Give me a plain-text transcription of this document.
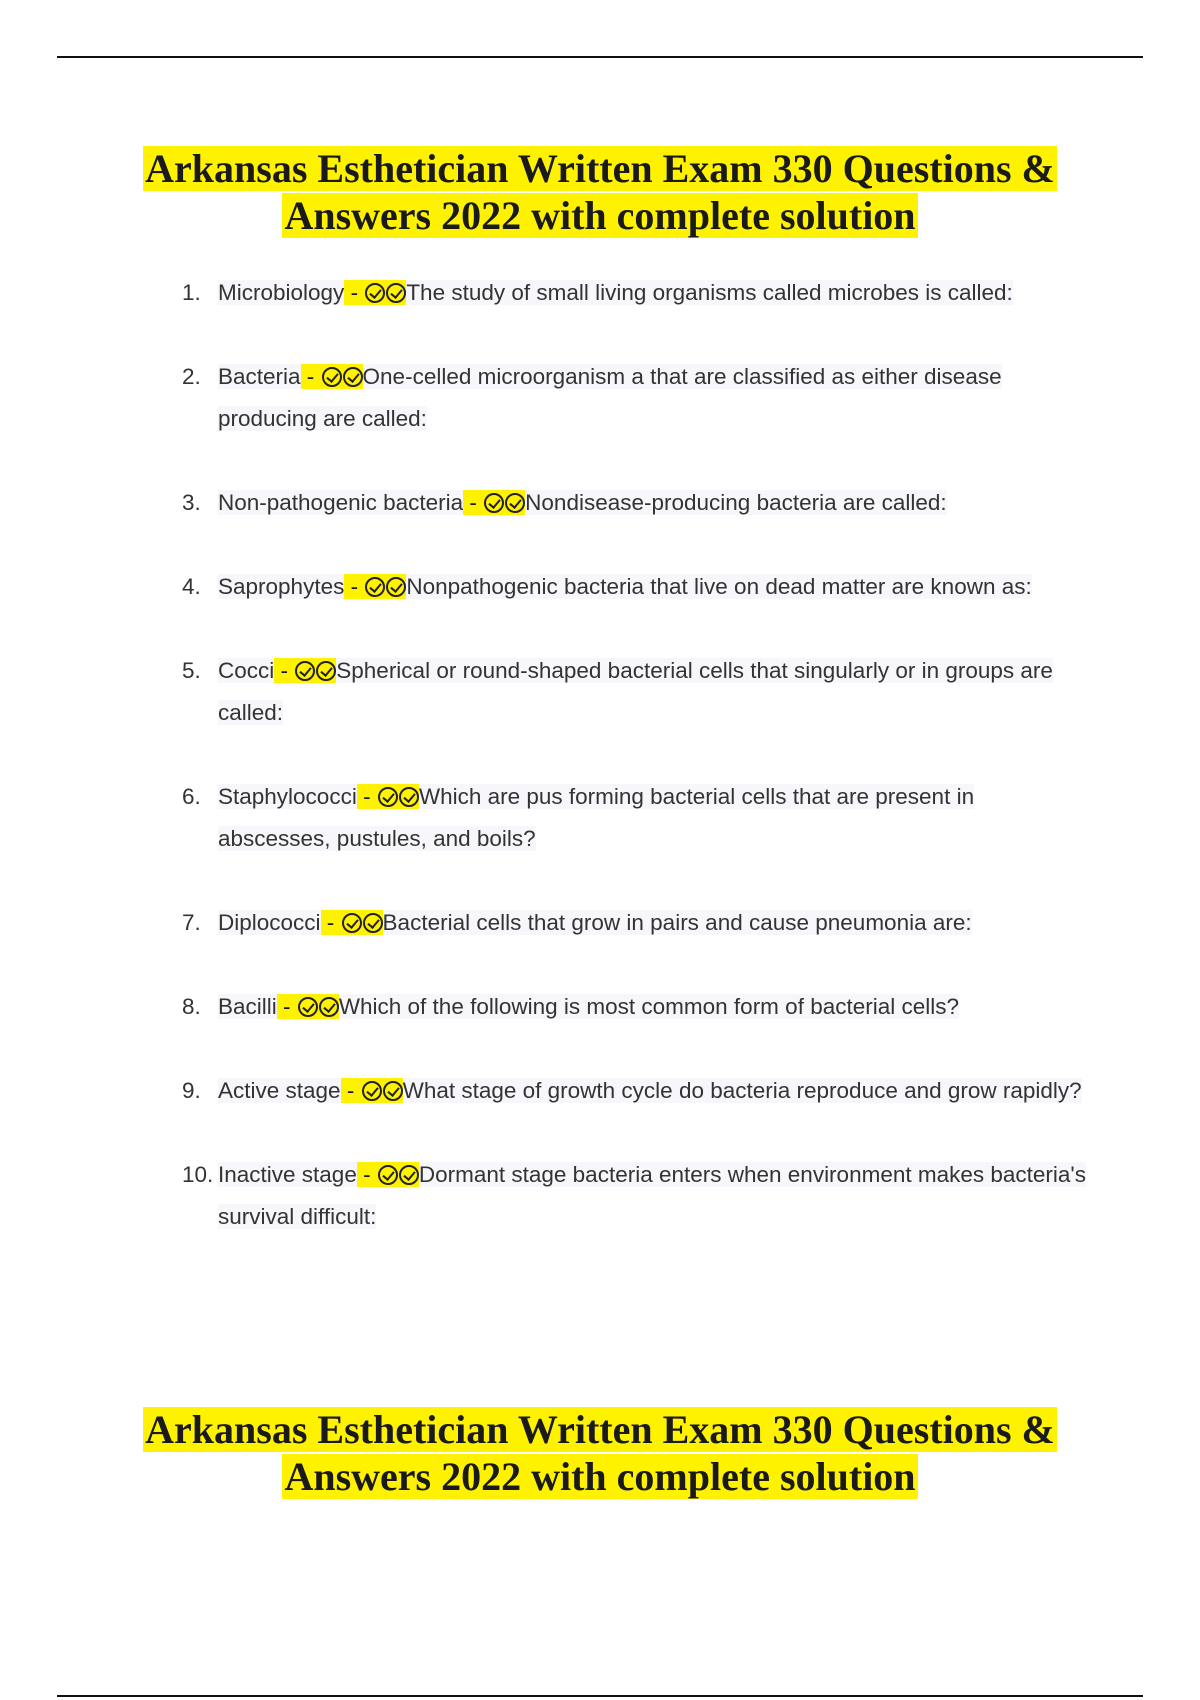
Arkansas Esthetician Written Exam 330 Questions &
Answers 2022 with complete solution
1. Microbiology - The study of small living organisms called microbes is called:
2. Bacteria - One-celled microorganism a that are classified as either disease producing are called:
3. Non-pathogenic bacteria - Nondisease-producing bacteria are called:
4. Saprophytes - Nonpathogenic bacteria that live on dead matter are known as:
5. Cocci - Spherical or round-shaped bacterial cells that singularly or in groups are called:
6. Staphylococci - Which are pus forming bacterial cells that are present in abscesses, pustules, and boils?
7. Diplococci - Bacterial cells that grow in pairs and cause pneumonia are:
8. Bacilli - Which of the following is most common form of bacterial cells?
9. Active stage - What stage of growth cycle do bacteria reproduce and grow rapidly?
10. Inactive stage - Dormant stage bacteria enters when environment makes bacteria's survival difficult:
Arkansas Esthetician Written Exam 330 Questions &
Answers 2022 with complete solution
